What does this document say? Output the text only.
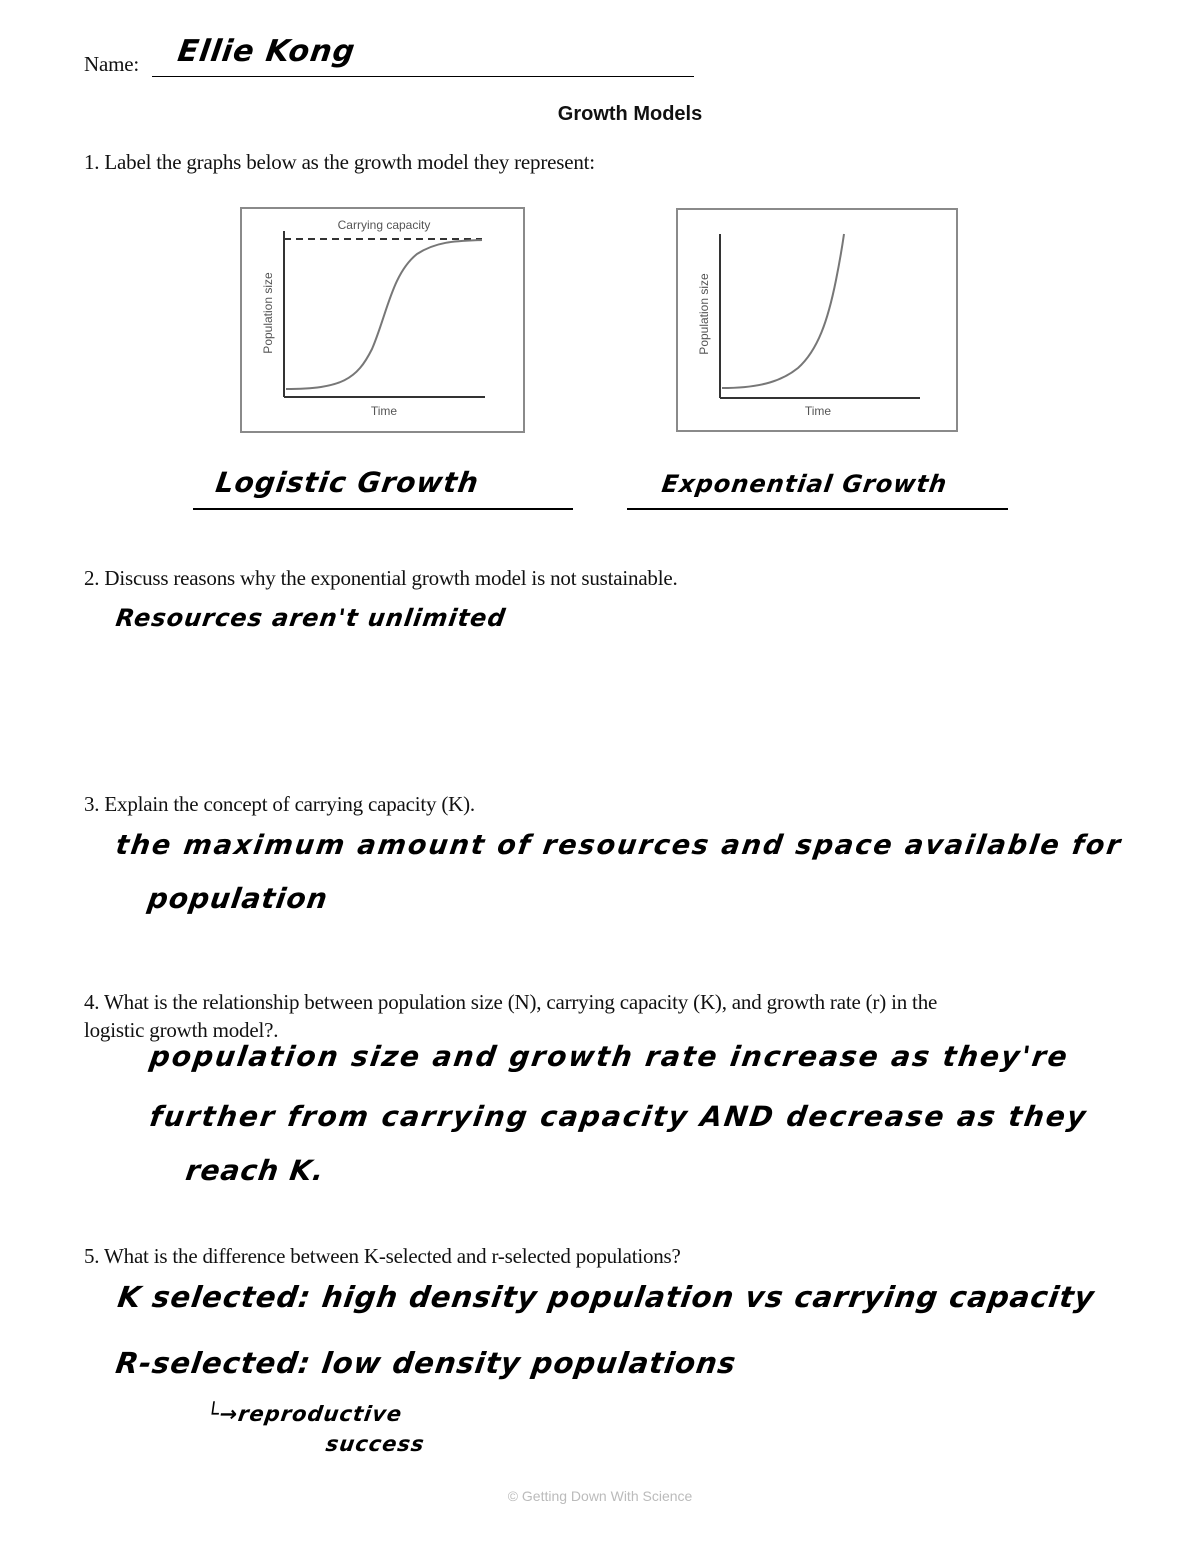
Name: Ellie Kong
Growth Models
1. Label the graphs below as the growth model they represent:
Carrying capacity
Population size
Time
Population size
Time
Logistic Growth	Exponential Growth
2. Discuss reasons why the exponential growth model is not sustainable.
Resources aren't unlimited
3. Explain the concept of carrying capacity (K).
the maximum amount of resources and space available for
population
4. What is the relationship between population size (N), carrying capacity (K), and growth rate (r) in the
logistic growth model?.
population size and growth rate increase as they're
further from carrying capacity AND decrease as they
reach K.
5. What is the difference between K-selected and r-selected populations?
K selected: high density population vs carrying capacity
R-selected: low density populations
└→reproductive
success
© Getting Down With Science
